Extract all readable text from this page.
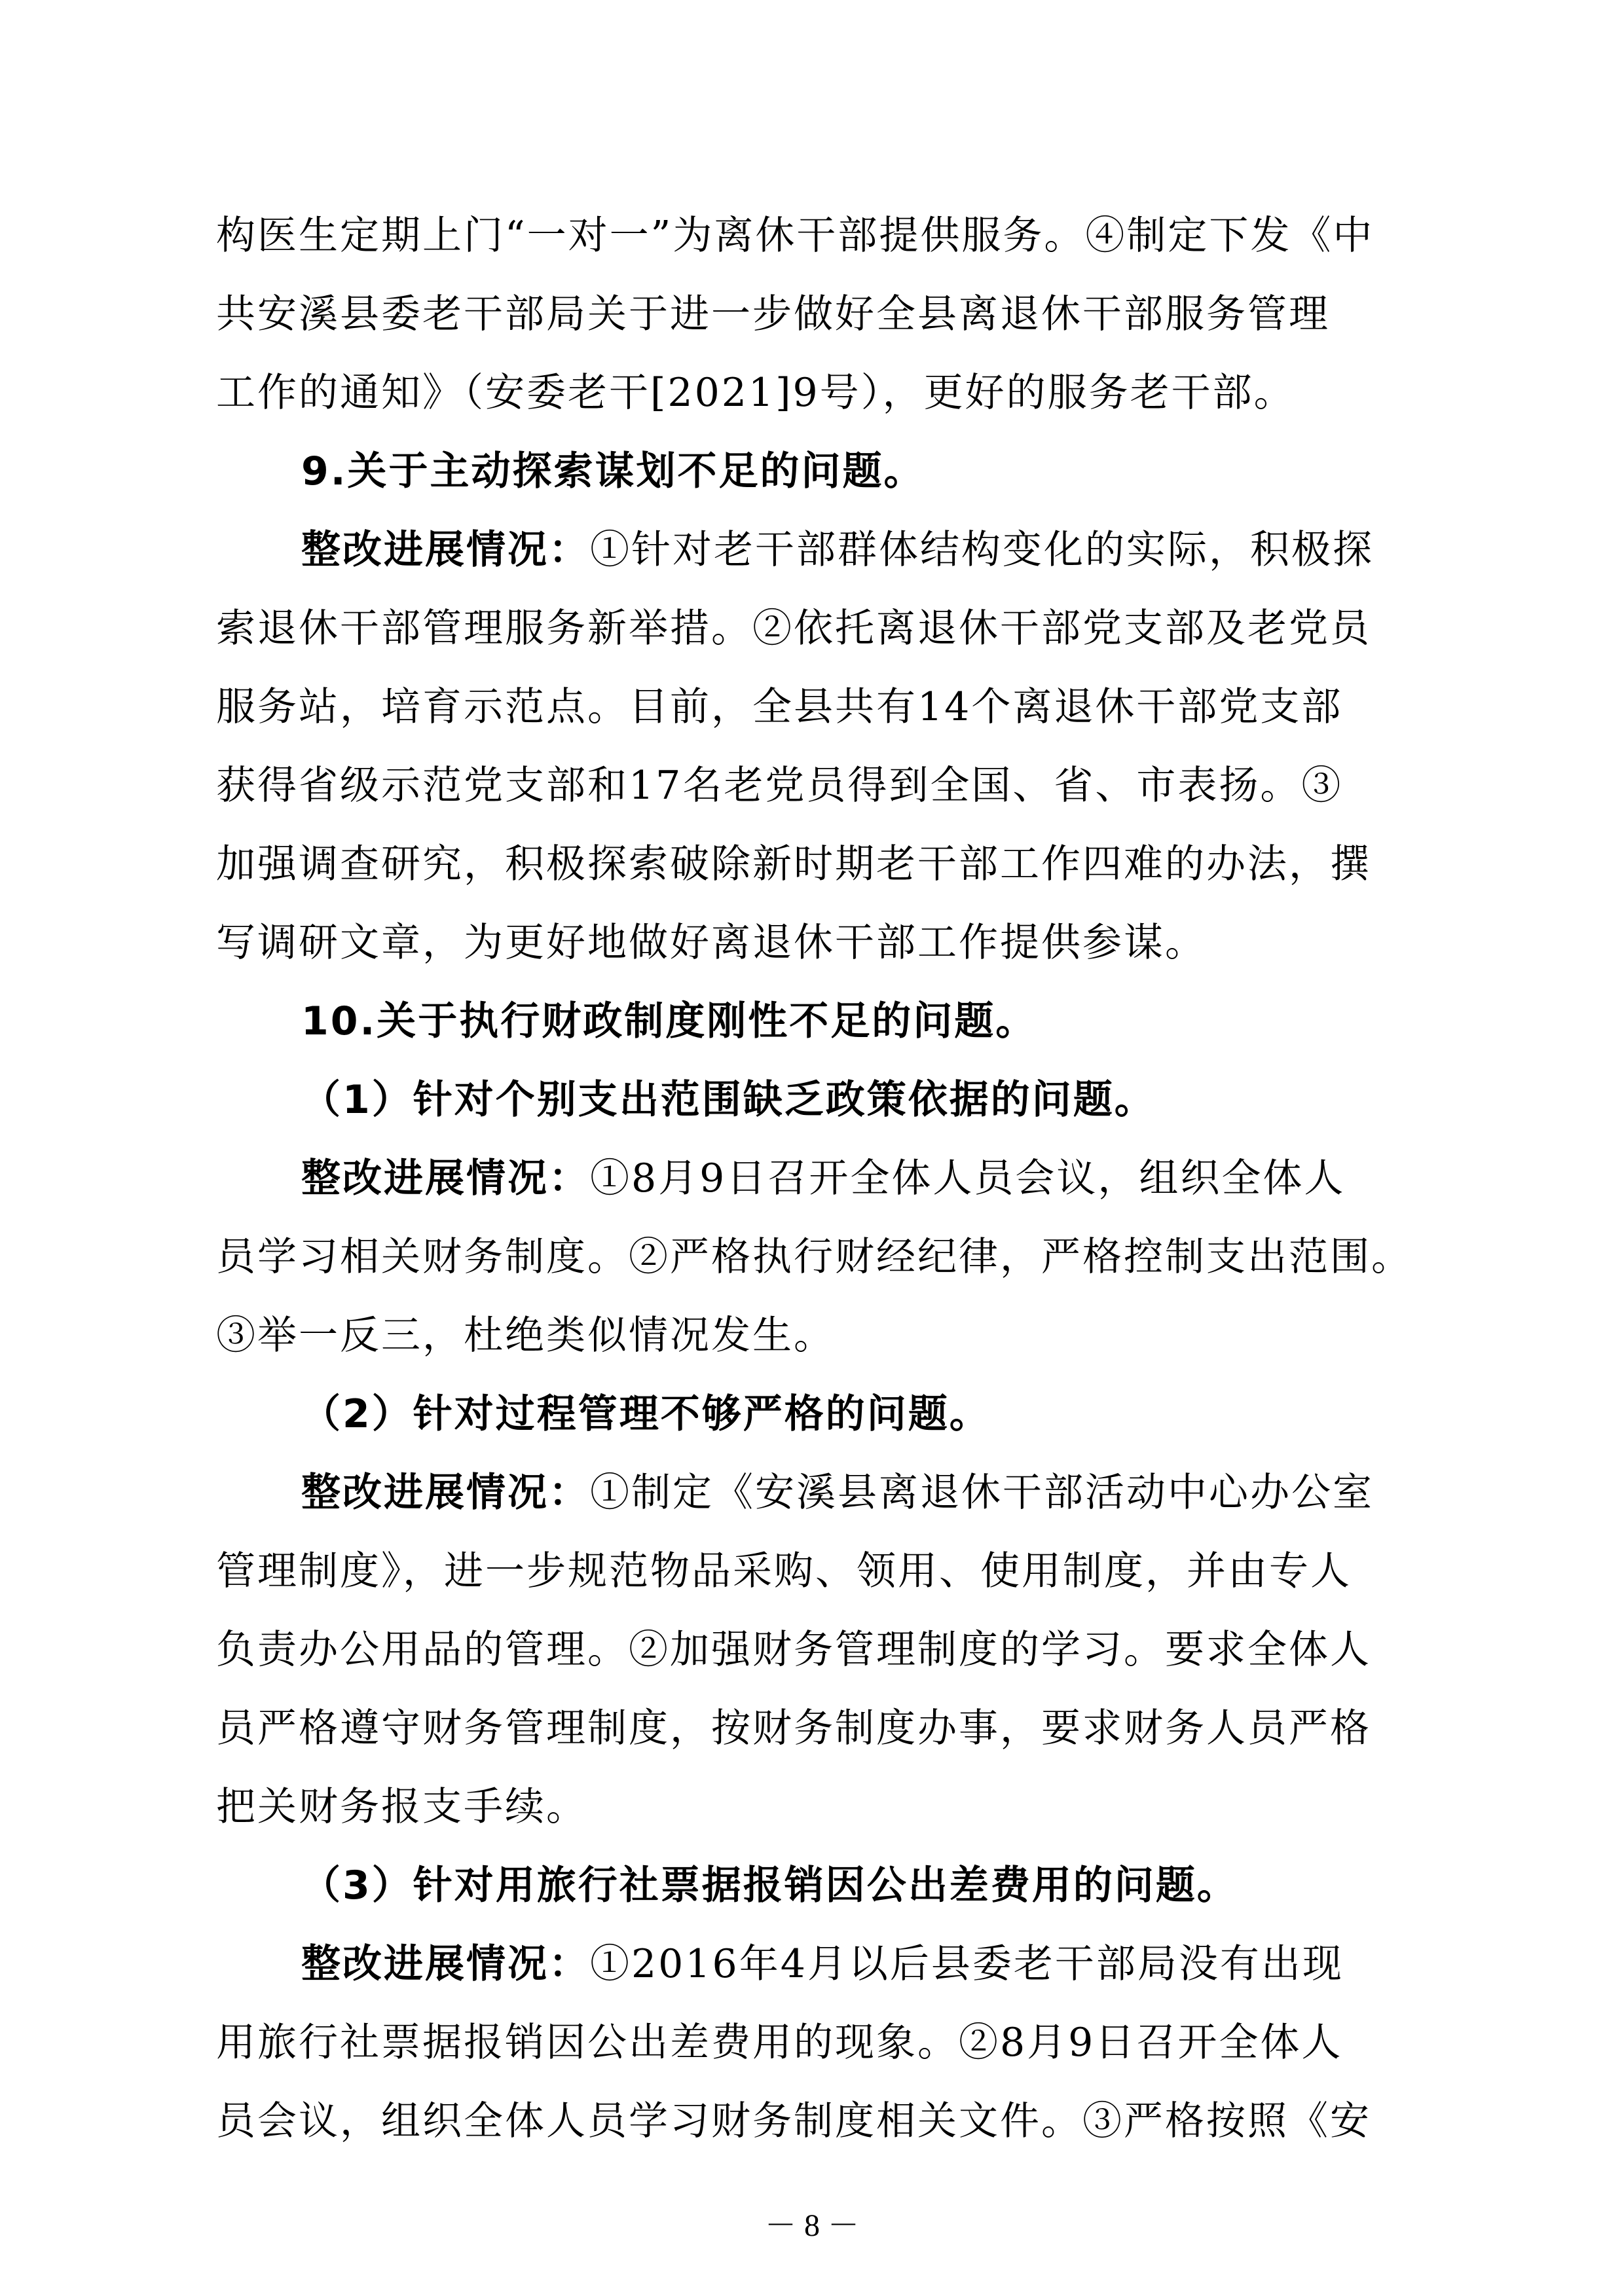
构医生定期上门“一对一”为离休干部提供服务。④制定下发《中
共安溪县委老干部局关于进一步做好全县离退休干部服务管理
工作的通知》（安委老干[2021]9号），更好的服务老干部。
9.关于主动探索谋划不足的问题。
整改进展情况：①针对老干部群体结构变化的实际，积极探
索退休干部管理服务新举措。②依托离退休干部党支部及老党员
服务站，培育示范点。目前，全县共有14个离退休干部党支部
获得省级示范党支部和17名老党员得到全国、省、市表扬。③
加强调查研究，积极探索破除新时期老干部工作四难的办法，撰
写调研文章，为更好地做好离退休干部工作提供参谋。
10.关于执行财政制度刚性不足的问题。
（1）针对个别支出范围缺乏政策依据的问题。
整改进展情况：①8月9日召开全体人员会议，组织全体人
员学习相关财务制度。②严格执行财经纪律，严格控制支出范围。
③举一反三，杜绝类似情况发生。
（2）针对过程管理不够严格的问题。
整改进展情况：①制定《安溪县离退休干部活动中心办公室
管理制度》，进一步规范物品采购、领用、使用制度，并由专人
负责办公用品的管理。②加强财务管理制度的学习。要求全体人
员严格遵守财务管理制度，按财务制度办事，要求财务人员严格
把关财务报支手续。
（3）针对用旅行社票据报销因公出差费用的问题。
整改进展情况：①2016年4月以后县委老干部局没有出现
用旅行社票据报销因公出差费用的现象。②8月9日召开全体人
员会议，组织全体人员学习财务制度相关文件。③严格按照《安
－ 8 －
